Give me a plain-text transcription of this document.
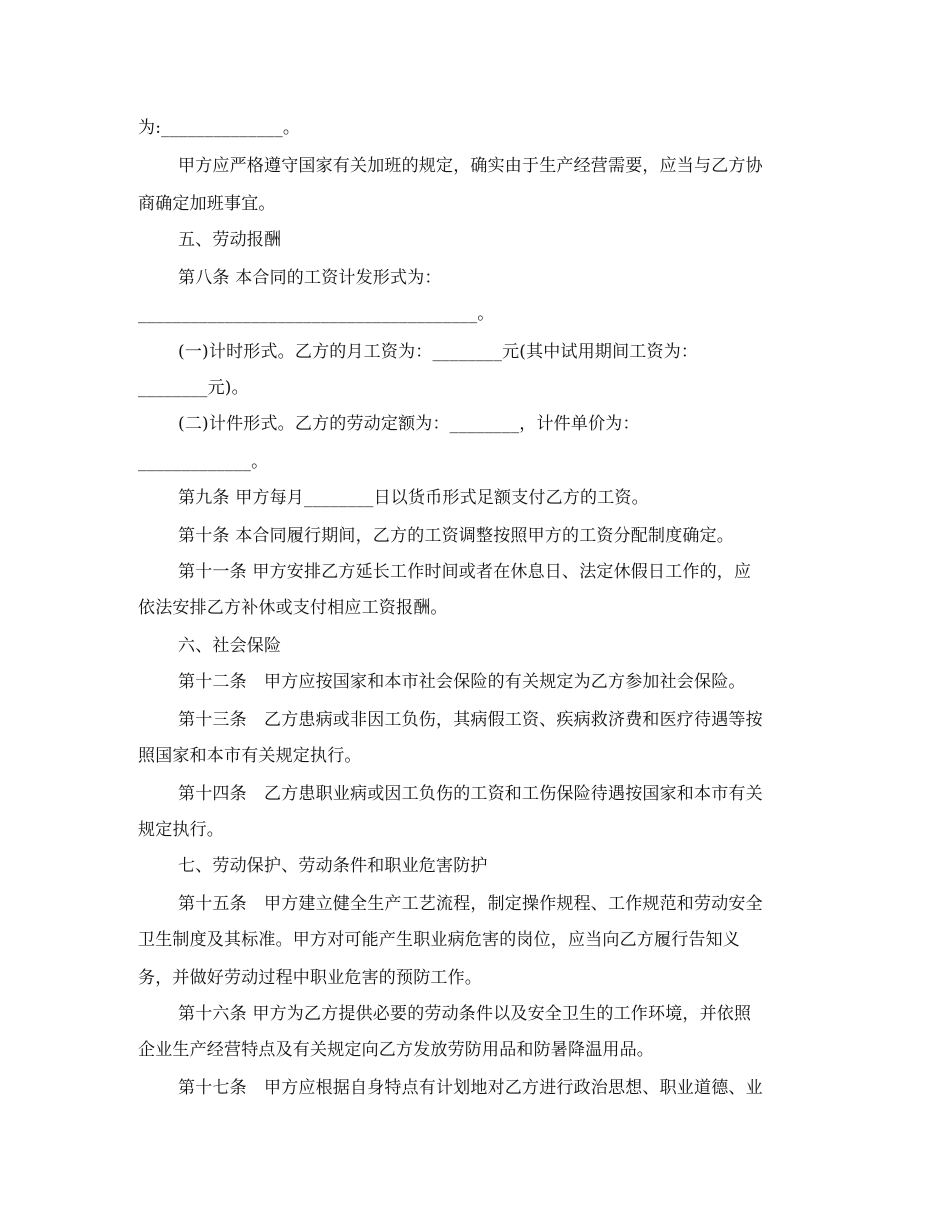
为:______________。
甲方应严格遵守国家有关加班的规定，确实由于生产经营需要，应当与乙方协
商确定加班事宜。
五、劳动报酬
第八条 本合同的工资计发形式为：
_______________________________________。
(一)计时形式。乙方的月工资为：________元(其中试用期间工资为：
________元)。
(二)计件形式。乙方的劳动定额为：________，计件单价为：
_____________。
第九条 甲方每月________日以货币形式足额支付乙方的工资。
第十条 本合同履行期间，乙方的工资调整按照甲方的工资分配制度确定。
第十一条 甲方安排乙方延长工作时间或者在休息日、法定休假日工作的，应
依法安排乙方补休或支付相应工资报酬。
六、社会保险
第十二条　甲方应按国家和本市社会保险的有关规定为乙方参加社会保险。
第十三条　乙方患病或非因工负伤，其病假工资、疾病救济费和医疗待遇等按
照国家和本市有关规定执行。
第十四条　乙方患职业病或因工负伤的工资和工伤保险待遇按国家和本市有关
规定执行。
七、劳动保护、劳动条件和职业危害防护
第十五条　甲方建立健全生产工艺流程，制定操作规程、工作规范和劳动安全
卫生制度及其标准。甲方对可能产生职业病危害的岗位，应当向乙方履行告知义
务，并做好劳动过程中职业危害的预防工作。
第十六条 甲方为乙方提供必要的劳动条件以及安全卫生的工作环境，并依照
企业生产经营特点及有关规定向乙方发放劳防用品和防暑降温用品。
第十七条　甲方应根据自身特点有计划地对乙方进行政治思想、职业道德、业
